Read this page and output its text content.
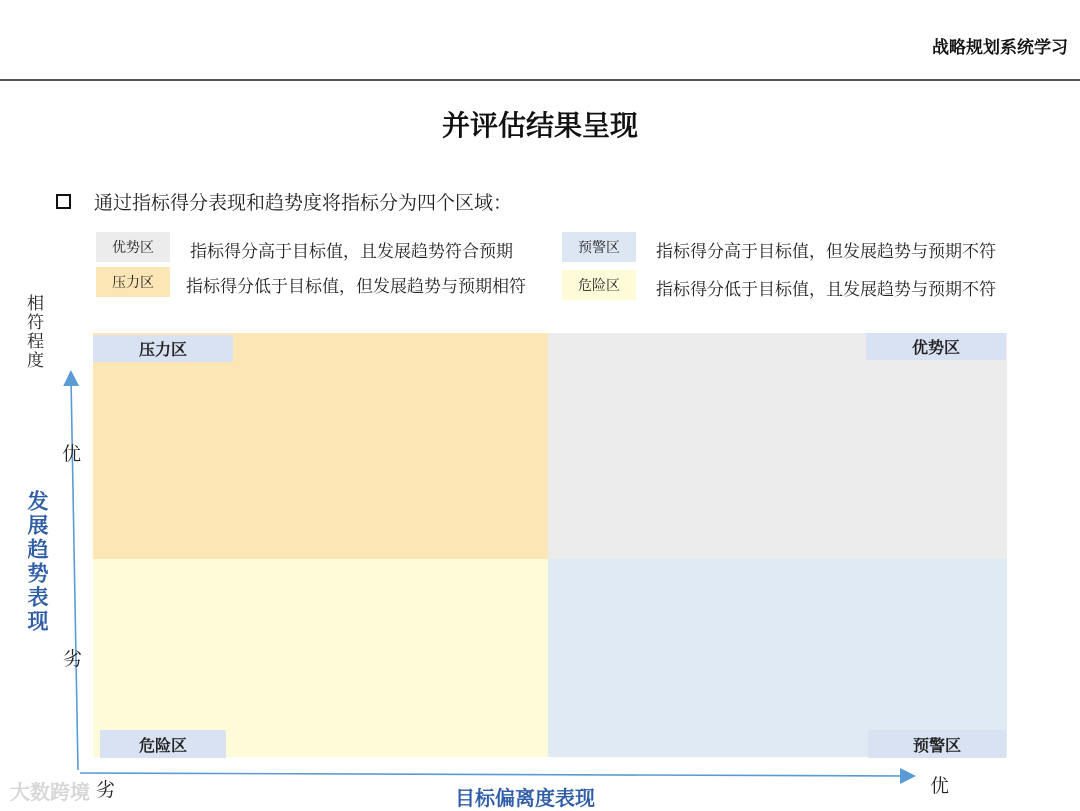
战略规划系统学习
并评估结果呈现
通过指标得分表现和趋势度将指标分为四个区域：
优势区	指标得分高于目标值，且发展趋势符合预期	预警区	指标得分高于目标值，但发展趋势与预期不符
压力区	指标得分低于目标值，但发展趋势与预期相符	危险区	指标得分低于目标值，且发展趋势与预期不符
压力区	优势区
危险区	预警区
相符程度
发展趋势表现
优
劣
劣	优
目标偏离度表现
大数跨境
